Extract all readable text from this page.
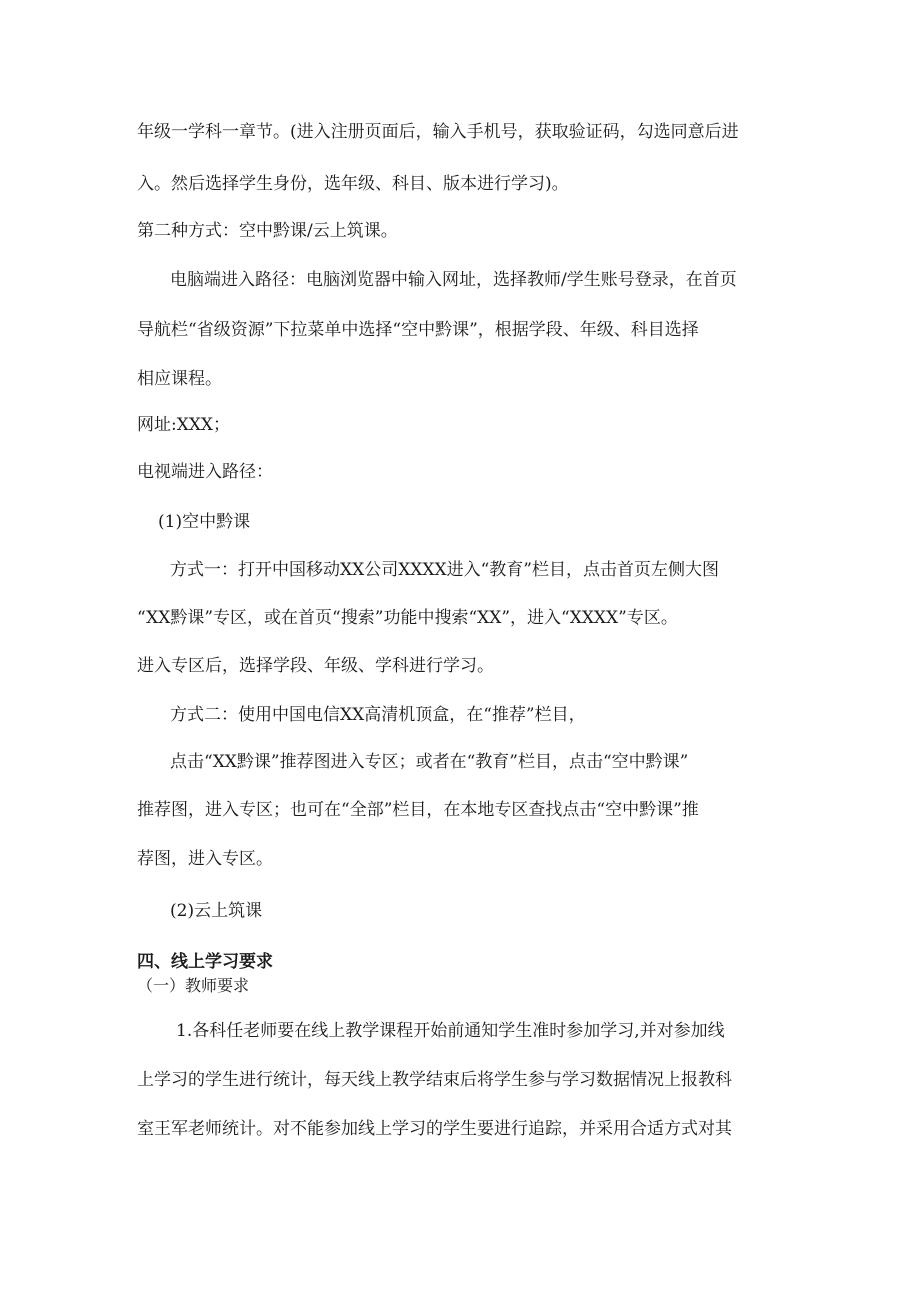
年级一学科一章节。(进入注册页面后，输入手机号，获取验证码，勾选同意后进
入。然后选择学生身份，选年级、科目、版本进行学习)。
第二种方式：空中黔课/云上筑课。
电脑端进入路径：电脑浏览器中输入网址，选择教师/学生账号登录，在首页
导航栏“省级资源”下拉菜单中选择“空中黔课”，根据学段、年级、科目选择
相应课程。
网址:XXX；
电视端进入路径：
(1)空中黔课
方式一：打开中国移动XX公司XXXX进入“教育”栏目，点击首页左侧大图
“XX黔课”专区，或在首页“搜索”功能中搜索“XX”，进入“XXXX”专区。
进入专区后，选择学段、年级、学科进行学习。
方式二：使用中国电信XX高清机顶盒，在“推荐”栏目，
点击“XX黔课”推荐图进入专区；或者在“教育”栏目，点击“空中黔课”
推荐图，进入专区；也可在“全部”栏目，在本地专区查找点击“空中黔课”推
荐图，进入专区。
(2)云上筑课
四、线上学习要求
（一）教师要求
1.各科任老师要在线上教学课程开始前通知学生准时参加学习,并对参加线
上学习的学生进行统计，每天线上教学结束后将学生参与学习数据情况上报教科
室王军老师统计。对不能参加线上学习的学生要进行追踪，并采用合适方式对其
